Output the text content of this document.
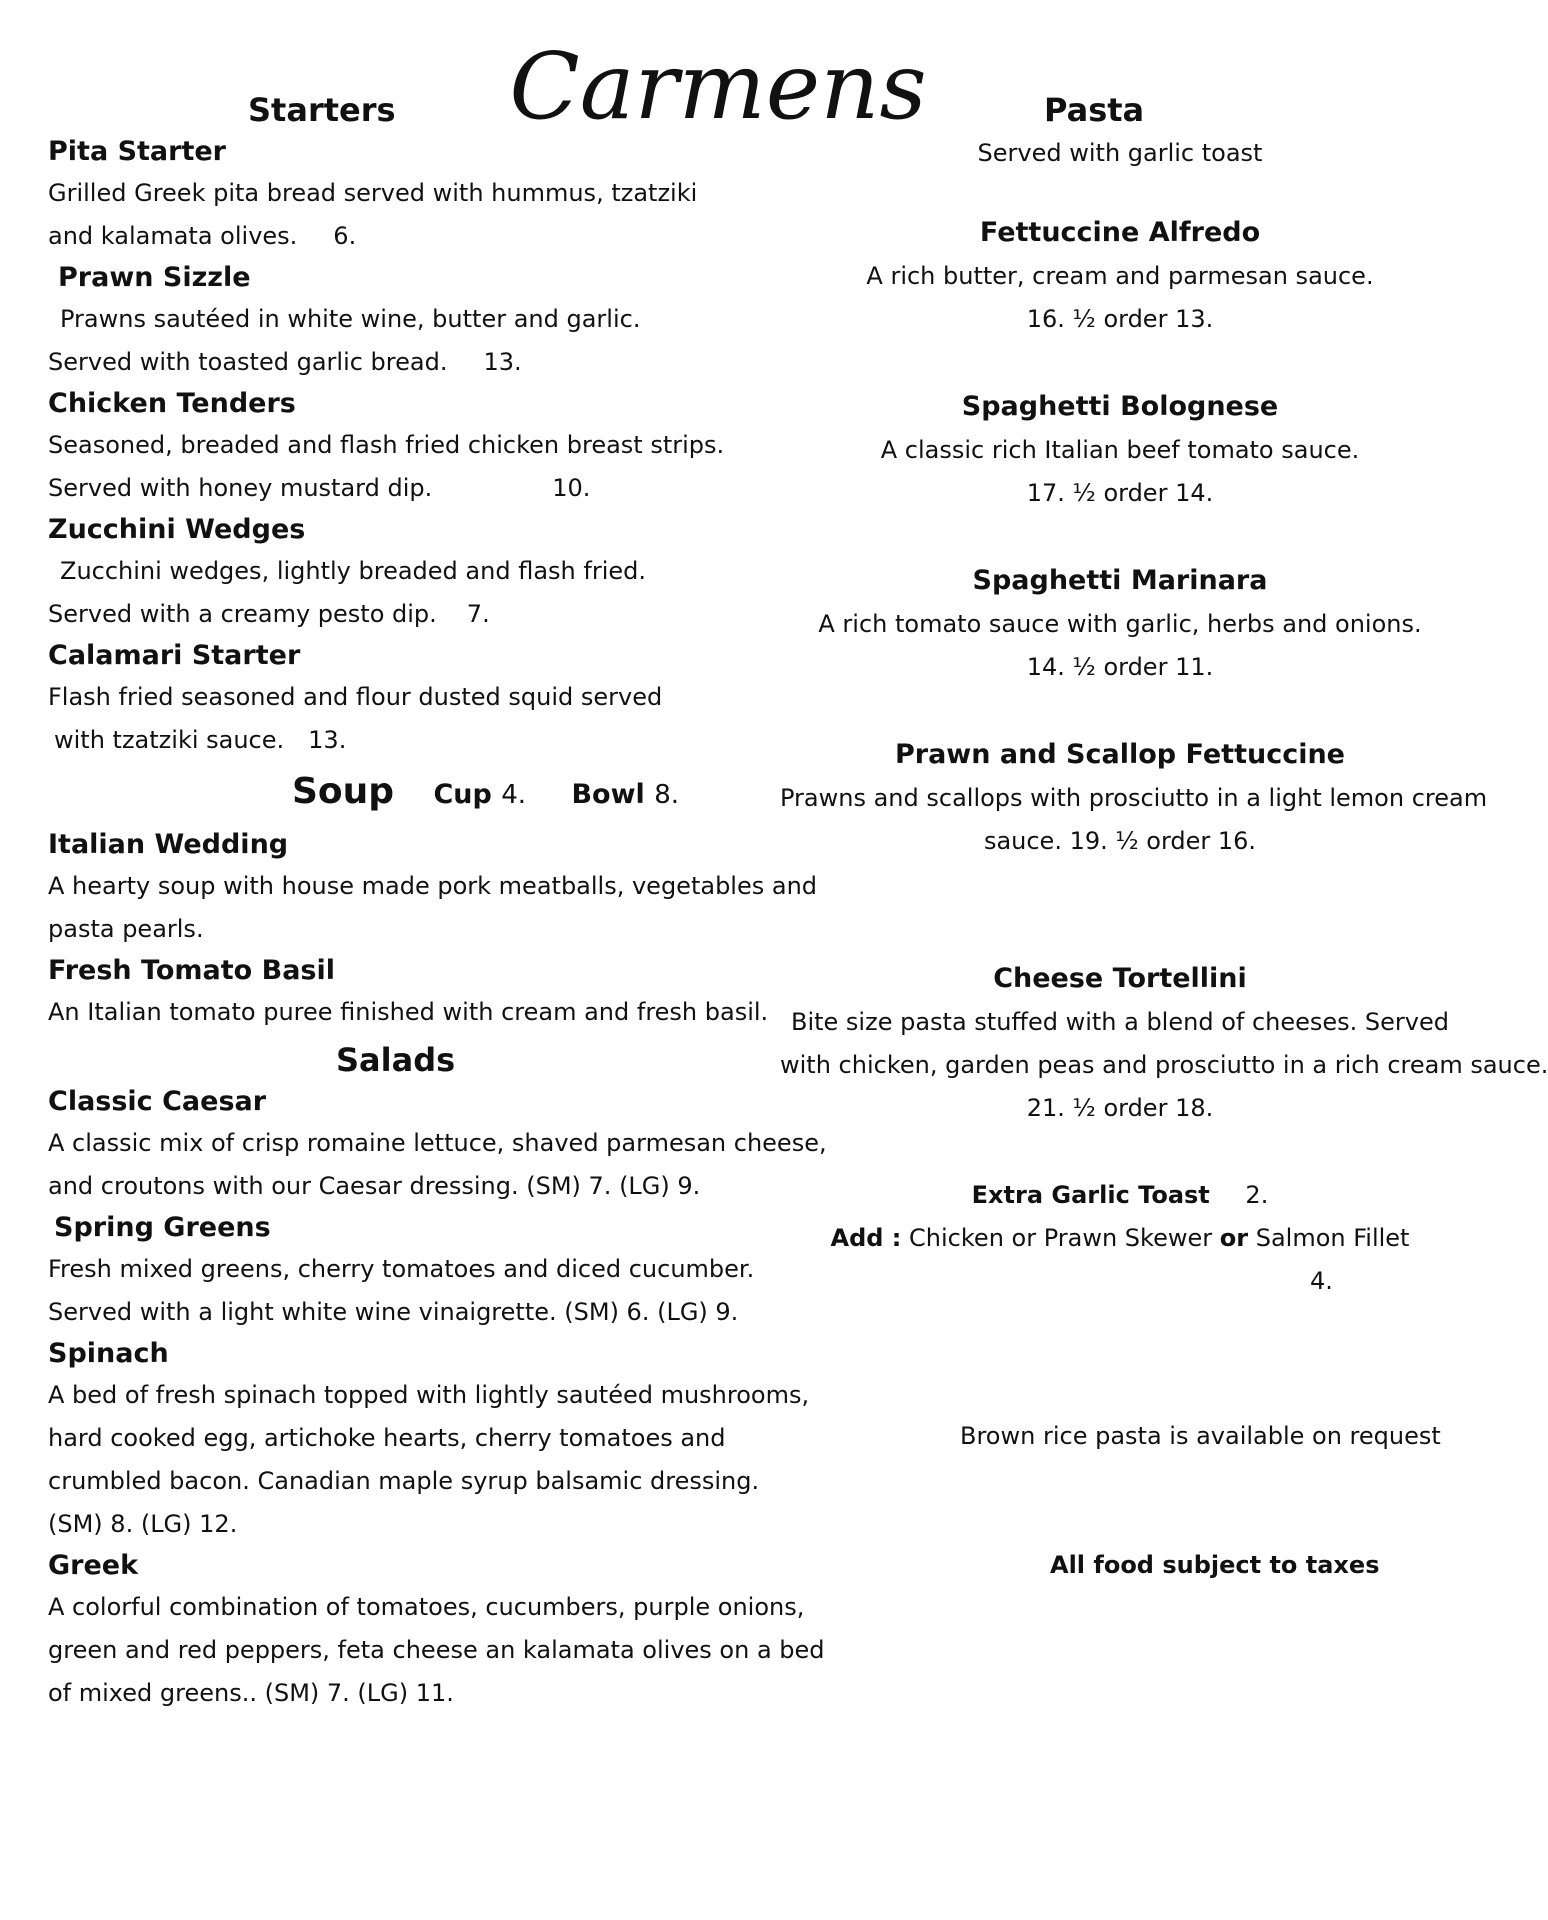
Carmens
Starters
Pita Starter
Grilled Greek pita bread served with hummus, tzatziki
and kalamata olives. 6.
Prawn Sizzle
Prawns sautéed in white wine, butter and garlic.
Served with toasted garlic bread. 13.
Chicken Tenders
Seasoned, breaded and flash fried chicken breast strips.
Served with honey mustard dip.	10.
Zucchini Wedges
Zucchini wedges, lightly breaded and flash fried.
Served with a creamy pesto dip. 7.
Calamari Starter
Flash fried seasoned and flour dusted squid served
with tzatziki sauce. 13.
Soup Cup 4. Bowl 8.
Italian Wedding
A hearty soup with house made pork meatballs, vegetables and
pasta pearls.
Fresh Tomato Basil
An Italian tomato puree finished with cream and fresh basil.
Salads
Classic Caesar
A classic mix of crisp romaine lettuce, shaved parmesan cheese,
and croutons with our Caesar dressing. (SM) 7. (LG) 9.
Spring Greens
Fresh mixed greens, cherry tomatoes and diced cucumber.
Served with a light white wine vinaigrette. (SM) 6. (LG) 9.
Spinach
A bed of fresh spinach topped with lightly sautéed mushrooms,
hard cooked egg, artichoke hearts, cherry tomatoes and
crumbled bacon. Canadian maple syrup balsamic dressing.
(SM) 8. (LG) 12.
Greek
A colorful combination of tomatoes, cucumbers, purple onions,
green and red peppers, feta cheese an kalamata olives on a bed
of mixed greens.. (SM) 7. (LG) 11.
Pasta
Served with garlic toast
Fettuccine Alfredo
A rich butter, cream and parmesan sauce.
16. ½ order 13.
Spaghetti Bolognese
A classic rich Italian beef tomato sauce.
17. ½ order 14.
Spaghetti Marinara
A rich tomato sauce with garlic, herbs and onions.
14. ½ order 11.
Prawn and Scallop Fettuccine
Prawns and scallops with prosciutto in a light lemon cream
sauce. 19. ½ order 16.
Cheese Tortellini
Bite size pasta stuffed with a blend of cheeses. Served
with chicken, garden peas and prosciutto in a rich cream sauce.
21. ½ order 18.
Extra Garlic Toast 2.
Add : Chicken or Prawn Skewer or Salmon Fillet
4.
Brown rice pasta is available on request
All food subject to taxes
